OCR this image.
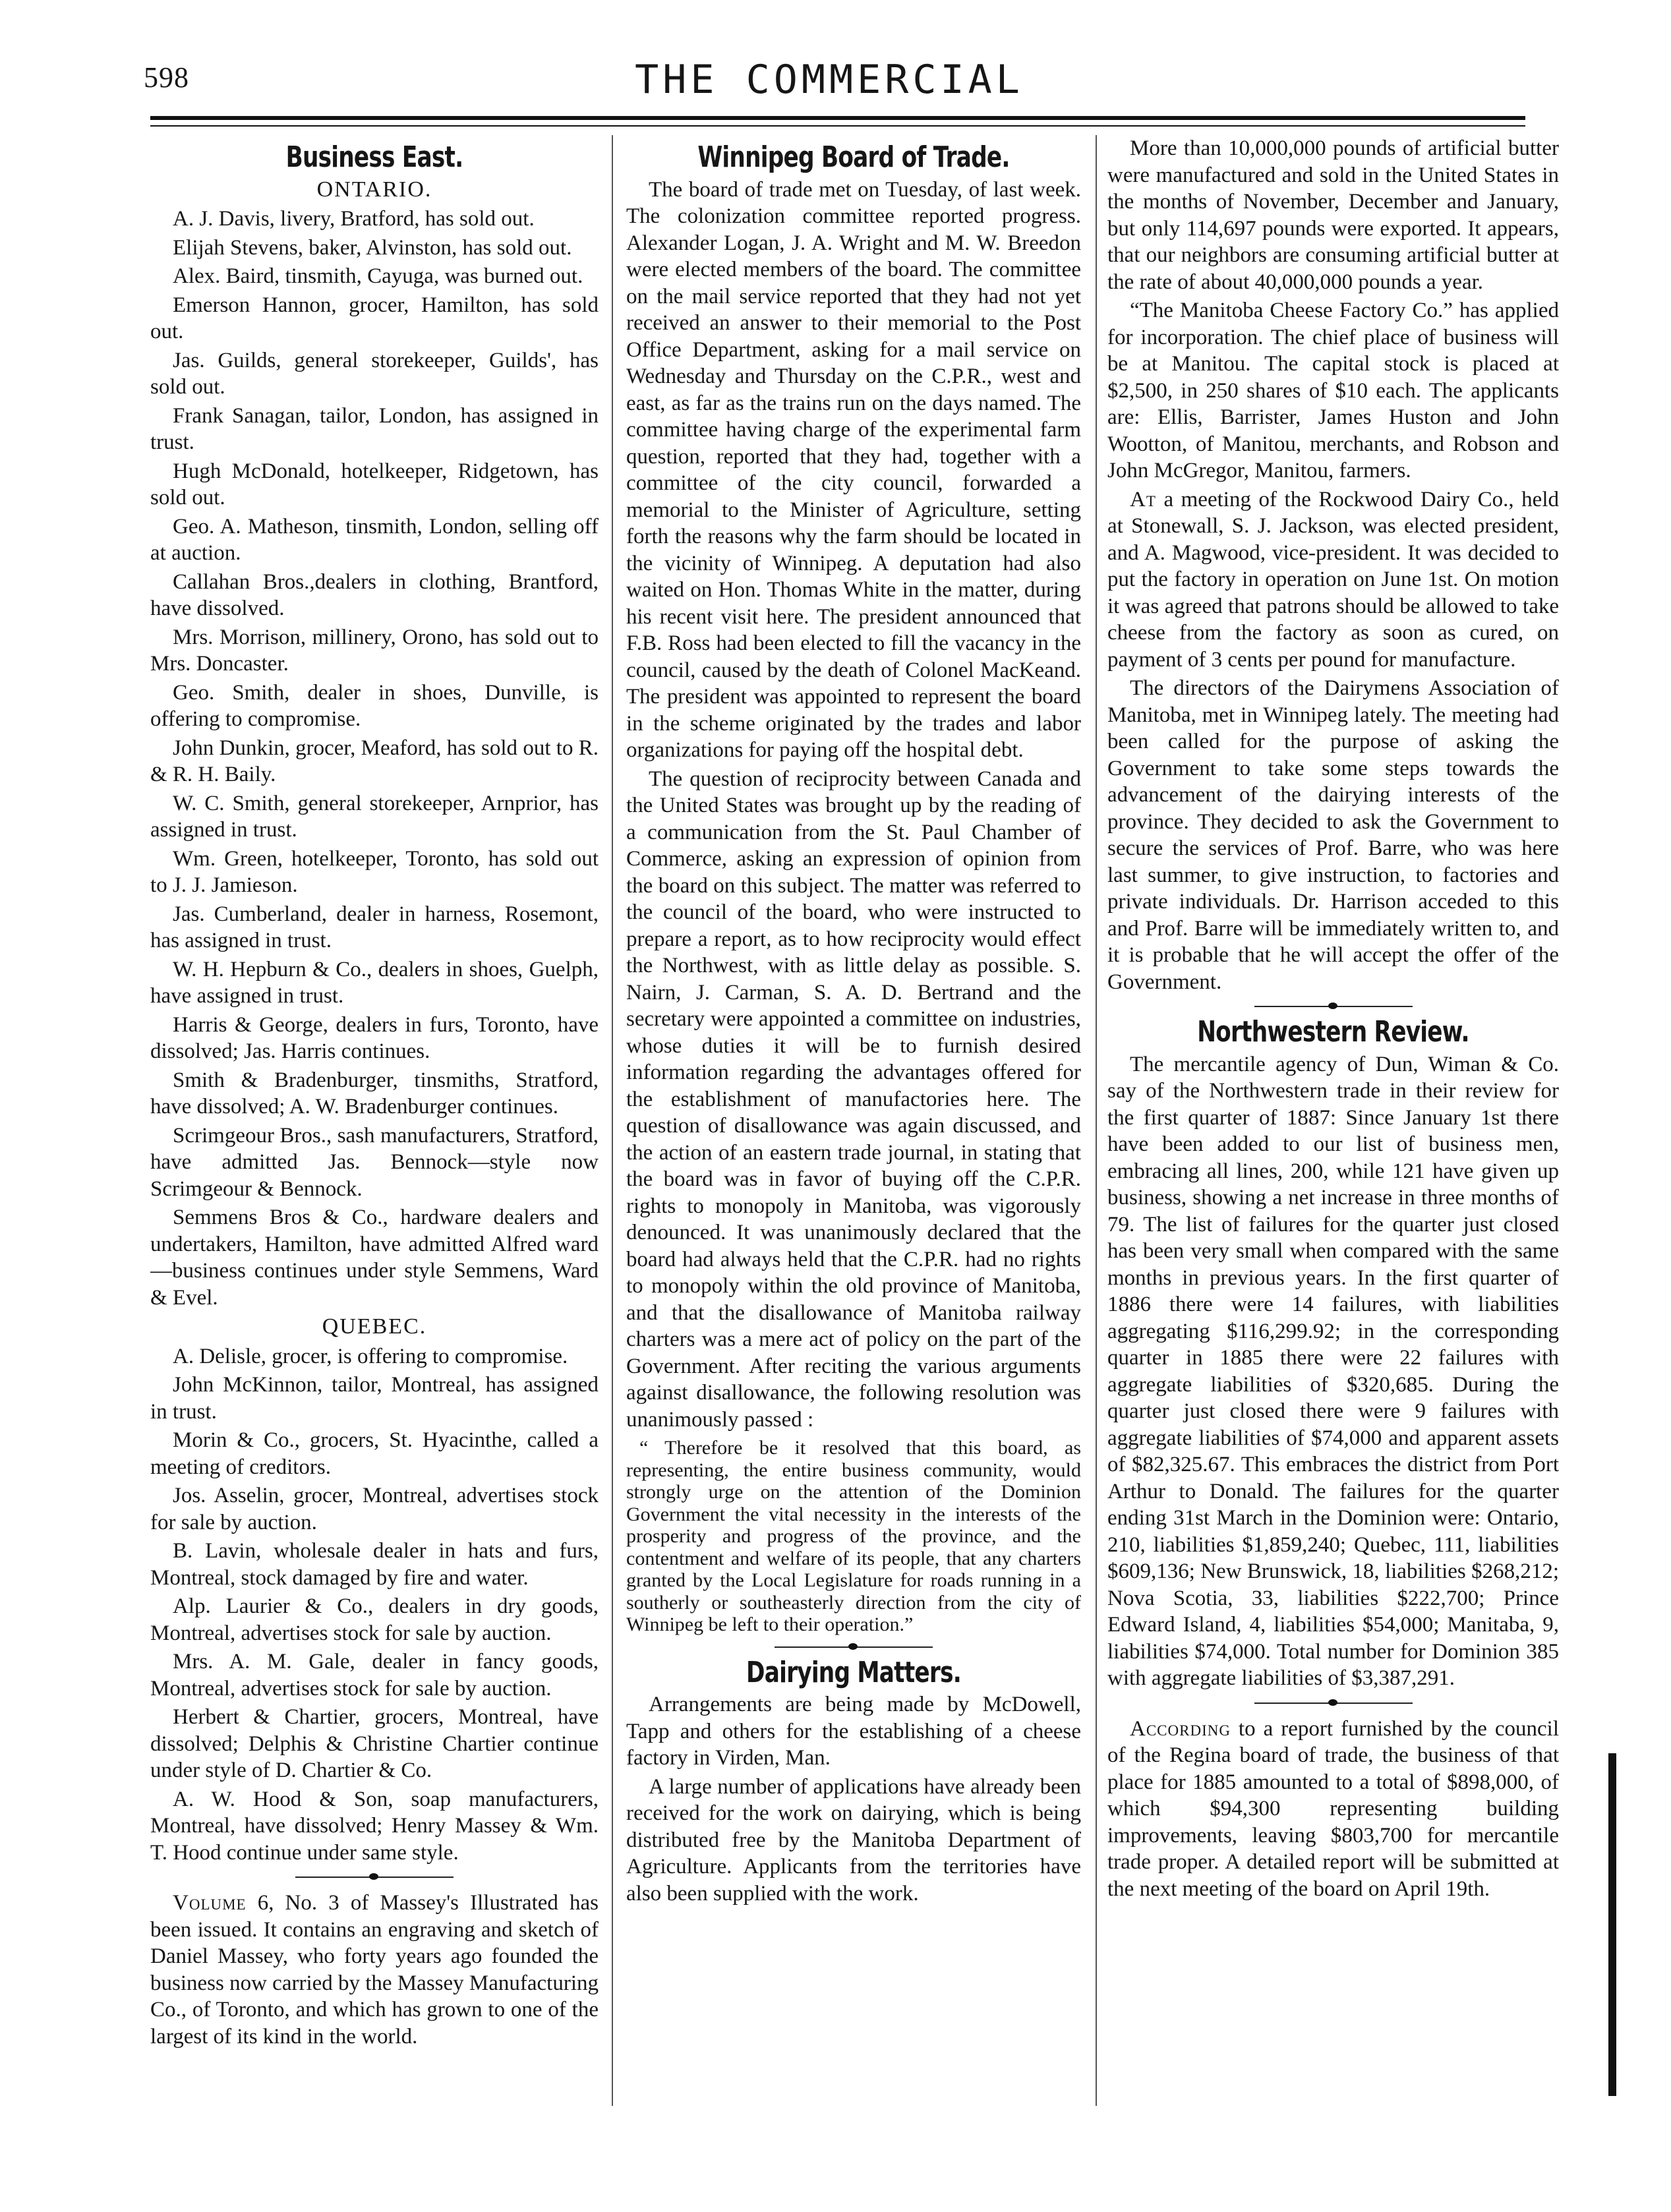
598	THE COMMERCIAL
Business East.
ONTARIO.

A. J. Davis, livery, Bratford, has sold out.

Elijah Stevens, baker, Alvinston, has sold out.

Alex. Baird, tinsmith, Cayuga, was burned out.

Emerson Hannon, grocer, Hamilton, has sold out.

Jas. Guilds, general storekeeper, Guilds', has sold out.

Frank Sanagan, tailor, London, has assigned in trust.

Hugh McDonald, hotelkeeper, Ridgetown, has sold out.

Geo. A. Matheson, tinsmith, London, selling off at auction.

Callahan Bros.,dealers in clothing, Brantford, have dissolved.

Mrs. Morrison, millinery, Orono, has sold out to Mrs. Doncaster.

Geo. Smith, dealer in shoes, Dunville, is offering to compromise.

John Dunkin, grocer, Meaford, has sold out to R. & R. H. Baily.

W. C. Smith, general storekeeper, Arnprior, has assigned in trust.

Wm. Green, hotelkeeper, Toronto, has sold out to J. J. Jamieson.

Jas. Cumberland, dealer in harness, Rosemont, has assigned in trust.

W. H. Hepburn & Co., dealers in shoes, Guelph, have assigned in trust.

Harris & George, dealers in furs, Toronto, have dissolved; Jas. Harris continues.

Smith & Bradenburger, tinsmiths, Stratford, have dissolved; A. W. Bradenburger continues.

Scrimgeour Bros., sash manufacturers, Stratford, have admitted Jas. Bennock—style now Scrimgeour & Bennock.

Semmens Bros & Co., hardware dealers and undertakers, Hamilton, have admitted Alfred ward—business continues under style Semmens, Ward & Evel.

QUEBEC.

A. Delisle, grocer, is offering to compromise.

John McKinnon, tailor, Montreal, has assigned in trust.

Morin & Co., grocers, St. Hyacinthe, called a meeting of creditors.

Jos. Asselin, grocer, Montreal, advertises stock for sale by auction.

B. Lavin, wholesale dealer in hats and furs, Montreal, stock damaged by fire and water.

Alp. Laurier & Co., dealers in dry goods, Montreal, advertises stock for sale by auction.

Mrs. A. M. Gale, dealer in fancy goods, Montreal, advertises stock for sale by auction.

Herbert & Chartier, grocers, Montreal, have dissolved; Delphis & Christine Chartier continue under style of D. Chartier & Co.

A. W. Hood & Son, soap manufacturers, Montreal, have dissolved; Henry Massey & Wm. T. Hood continue under same style.

Volume 6, No. 3 of Massey's Illustrated has been issued. It contains an engraving and sketch of Daniel Massey, who forty years ago founded the business now carried by the Massey Manufacturing Co., of Toronto, and which has grown to one of the largest of its kind in the world.

Winnipeg Board of Trade.

The board of trade met on Tuesday, of last week. The colonization committee reported progress. Alexander Logan, J. A. Wright and M. W. Breedon were elected members of the board. The committee on the mail service reported that they had not yet received an answer to their memorial to the Post Office Department, asking for a mail service on Wednesday and Thursday on the C.P.R., west and east, as far as the trains run on the days named. The committee having charge of the experimental farm question, reported that they had, together with a committee of the city council, forwarded a memorial to the Minister of Agriculture, setting forth the reasons why the farm should be located in the vicinity of Winnipeg. A deputation had also waited on Hon. Thomas White in the matter, during his recent visit here. The president announced that F.B. Ross had been elected to fill the vacancy in the council, caused by the death of Colonel MacKeand. The president was appointed to represent the board in the scheme originated by the trades and labor organizations for paying off the hospital debt.

The question of reciprocity between Canada and the United States was brought up by the reading of a communication from the St. Paul Chamber of Commerce, asking an expression of opinion from the board on this subject. The matter was referred to the council of the board, who were instructed to prepare a report, as to how reciprocity would effect the Northwest, with as little delay as possible. S. Nairn, J. Carman, S. A. D. Bertrand and the secretary were appointed a committee on industries, whose duties it will be to furnish desired information regarding the advantages offered for the establishment of manufactories here. The question of disallowance was again discussed, and the action of an eastern trade journal, in stating that the board was in favor of buying off the C.P.R. rights to monopoly in Manitoba, was vigorously denounced. It was unanimously declared that the board had always held that the C.P.R. had no rights to monopoly within the old province of Manitoba, and that the disallowance of Manitoba railway charters was a mere act of policy on the part of the Government. After reciting the various arguments against disallowance, the following resolution was unanimously passed :

“ Therefore be it resolved that this board, as representing, the entire business community, would strongly urge on the attention of the Dominion Government the vital necessity in the interests of the prosperity and progress of the province, and the contentment and welfare of its people, that any charters granted by the Local Legislature for roads running in a southerly or southeasterly direction from the city of Winnipeg be left to their operation.”

Dairying Matters.

Arrangements are being made by McDowell, Tapp and others for the establishing of a cheese factory in Virden, Man.

A large number of applications have already been received for the work on dairying, which is being distributed free by the Manitoba Department of Agriculture. Applicants from the territories have also been supplied with the work.

More than 10,000,000 pounds of artificial butter were manufactured and sold in the United States in the months of November, December and January, but only 114,697 pounds were exported. It appears, that our neighbors are consuming artificial butter at the rate of about 40,000,000 pounds a year.

“The Manitoba Cheese Factory Co.” has applied for incorporation. The chief place of business will be at Manitou. The capital stock is placed at $2,500, in 250 shares of $10 each. The applicants are: Ellis, Barrister, James Huston and John Wootton, of Manitou, merchants, and Robson and John McGregor, Manitou, farmers.

At a meeting of the Rockwood Dairy Co., held at Stonewall, S. J. Jackson, was elected president, and A. Magwood, vice-president. It was decided to put the factory in operation on June 1st. On motion it was agreed that patrons should be allowed to take cheese from the factory as soon as cured, on payment of 3 cents per pound for manufacture.

The directors of the Dairymens Association of Manitoba, met in Winnipeg lately. The meeting had been called for the purpose of asking the Government to take some steps towards the advancement of the dairying interests of the province. They decided to ask the Government to secure the services of Prof. Barre, who was here last summer, to give instruction, to factories and private individuals. Dr. Harrison acceded to this and Prof. Barre will be immediately written to, and it is probable that he will accept the offer of the Government.

Northwestern Review.

The mercantile agency of Dun, Wiman & Co. say of the Northwestern trade in their review for the first quarter of 1887: Since January 1st there have been added to our list of business men, embracing all lines, 200, while 121 have given up business, showing a net increase in three months of 79. The list of failures for the quarter just closed has been very small when compared with the same months in previous years. In the first quarter of 1886 there were 14 failures, with liabilities aggregating $116,299.92; in the corresponding quarter in 1885 there were 22 failures with aggregate liabilities of $320,685. During the quarter just closed there were 9 failures with aggregate liabilities of $74,000 and apparent assets of $82,325.67. This embraces the district from Port Arthur to Donald. The failures for the quarter ending 31st March in the Dominion were: Ontario, 210, liabilities $1,859,240; Quebec, 111, liabilities $609,136; New Brunswick, 18, liabilities $268,212; Nova Scotia, 33, liabilities $222,700; Prince Edward Island, 4, liabilities $54,000; Manitaba, 9, liabilities $74,000. Total number for Dominion 385 with aggregate liabilities of $3,387,291.

According to a report furnished by the council of the Regina board of trade, the business of that place for 1885 amounted to a total of $898,000, of which $94,300 representing building improvements, leaving $803,700 for mercantile trade proper. A detailed report will be submitted at the next meeting of the board on April 19th.
